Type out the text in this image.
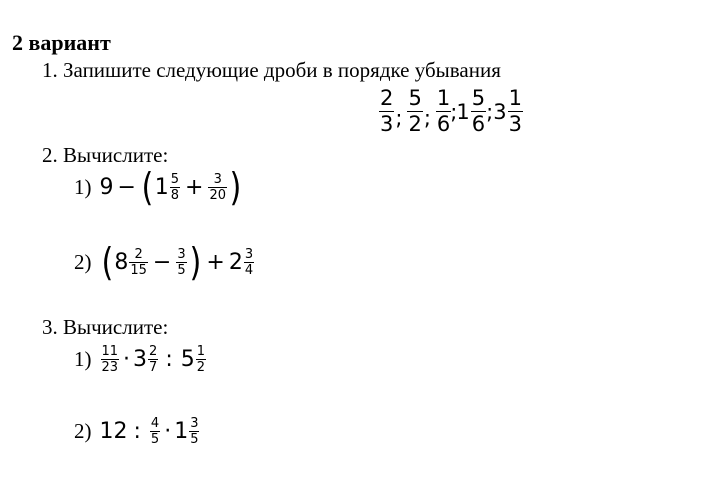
2 вариант
1. Запишите следующие дроби в порядке убывания
$\frac{2}{3}$ ; $\frac{5}{2}$ ; $\frac{1}{6}$ ; $1 \frac{5}{6}$ ; $3 \frac{1}{3}$
2. Вычислите:
1) 9 − ( $1 \frac{5}{8} + \frac{3}{20}$ )
2) ( $8 \frac{2}{15} - \frac{3}{5}$ ) + $2 \frac{3}{4}$
3. Вычислите:
$1) \frac{11}{23} \cdot 3 \frac{2}{7}$ : $5 \frac{1}{2}$
2) 12 : $\frac{4}{5} \cdot 1 \frac{3}{5}$
